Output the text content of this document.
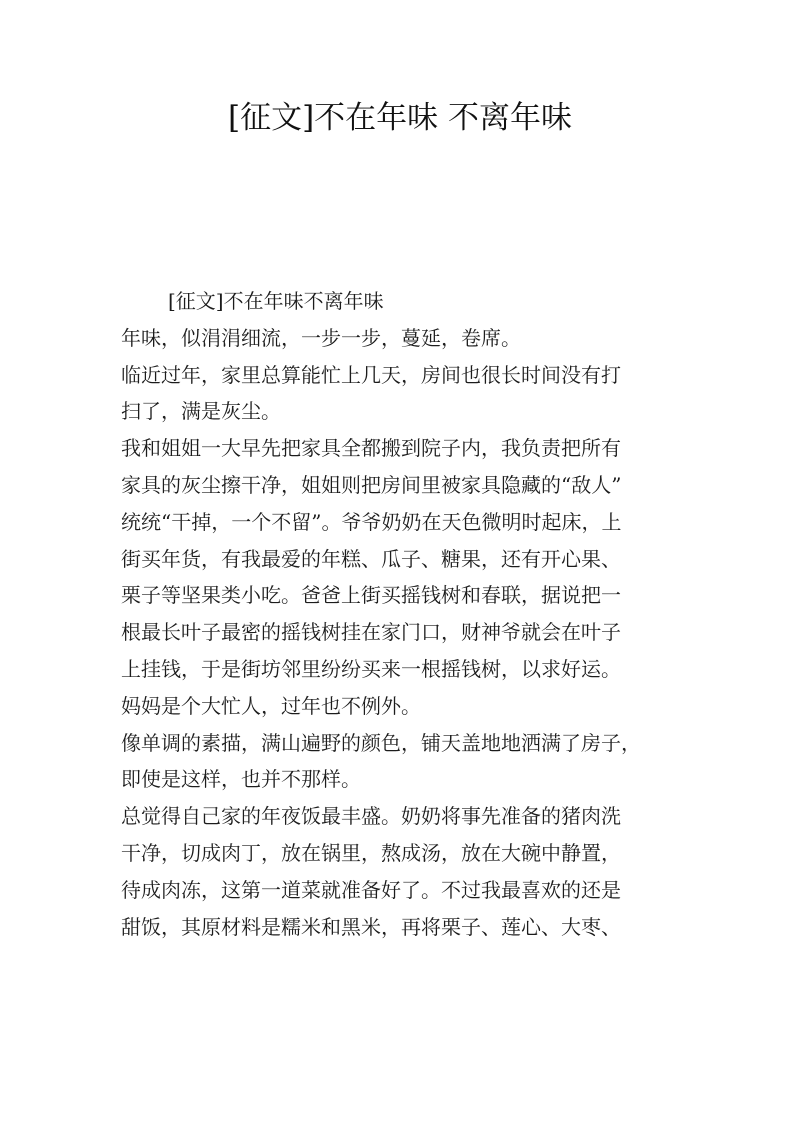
[征文]不在年味 不离年味
[征文]不在年味不离年味
年味，似涓涓细流，一步一步，蔓延，卷席。
临近过年，家里总算能忙上几天，房间也很长时间没有打
扫了，满是灰尘。
我和姐姐一大早先把家具全都搬到院子内，我负责把所有
家具的灰尘擦干净，姐姐则把房间里被家具隐藏的“敌人”
统统“干掉，一个不留”。爷爷奶奶在天色微明时起床，上
街买年货，有我最爱的年糕、瓜子、糖果，还有开心果、
栗子等坚果类小吃。爸爸上街买摇钱树和春联，据说把一
根最长叶子最密的摇钱树挂在家门口，财神爷就会在叶子
上挂钱，于是街坊邻里纷纷买来一根摇钱树，以求好运。
妈妈是个大忙人，过年也不例外。
像单调的素描，满山遍野的颜色，铺天盖地地洒满了房子，
即使是这样，也并不那样。
总觉得自己家的年夜饭最丰盛。奶奶将事先准备的猪肉洗
干净，切成肉丁，放在锅里，熬成汤，放在大碗中静置，
待成肉冻，这第一道菜就准备好了。不过我最喜欢的还是
甜饭，其原材料是糯米和黑米，再将栗子、莲心、大枣、
